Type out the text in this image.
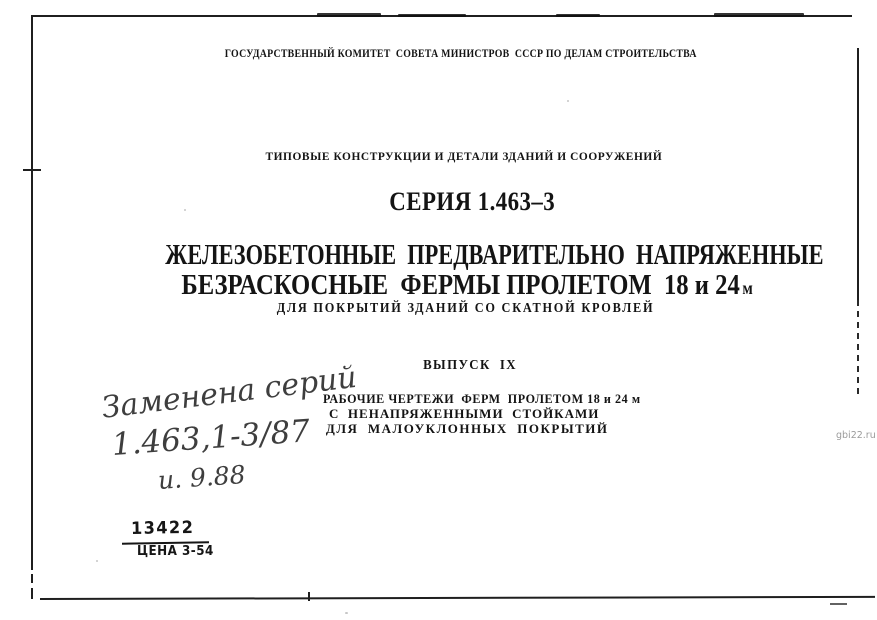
ГОСУДАРСТВЕННЫЙ КОМИТЕТ  СОВЕТА МИНИСТРОВ  СССР ПО ДЕЛАМ СТРОИТЕЛЬСТВА

ТИПОВЫЕ КОНСТРУКЦИИ И ДЕТАЛИ ЗДАНИЙ И СООРУЖЕНИЙ

СЕРИЯ 1.463–3

ЖЕЛЕЗОБЕТОННЫЕ  ПРЕДВАРИТЕЛЬНО  НАПРЯЖЕННЫЕ

БЕЗРАСКОСНЫЕ  ФЕРМЫ ПРОЛЕТОМ  18 и 24 м

ДЛЯ ПОКРЫТИЙ ЗДАНИЙ СО СКАТНОЙ КРОВЛЕЙ

ВЫПУСК  IX

РАБОЧИЕ ЧЕРТЕЖИ  ФЕРМ  ПРОЛЕТОМ 18 и 24 м

С  НЕНАПРЯЖЕННЫМИ  СТОЙКАМИ

ДЛЯ  МАЛОУКЛОННЫХ  ПОКРЫТИЙ

Заменена серий
1.463,1-3/87
и. 9.88
13422
ЦЕНА 3-54
gbi22.ru
